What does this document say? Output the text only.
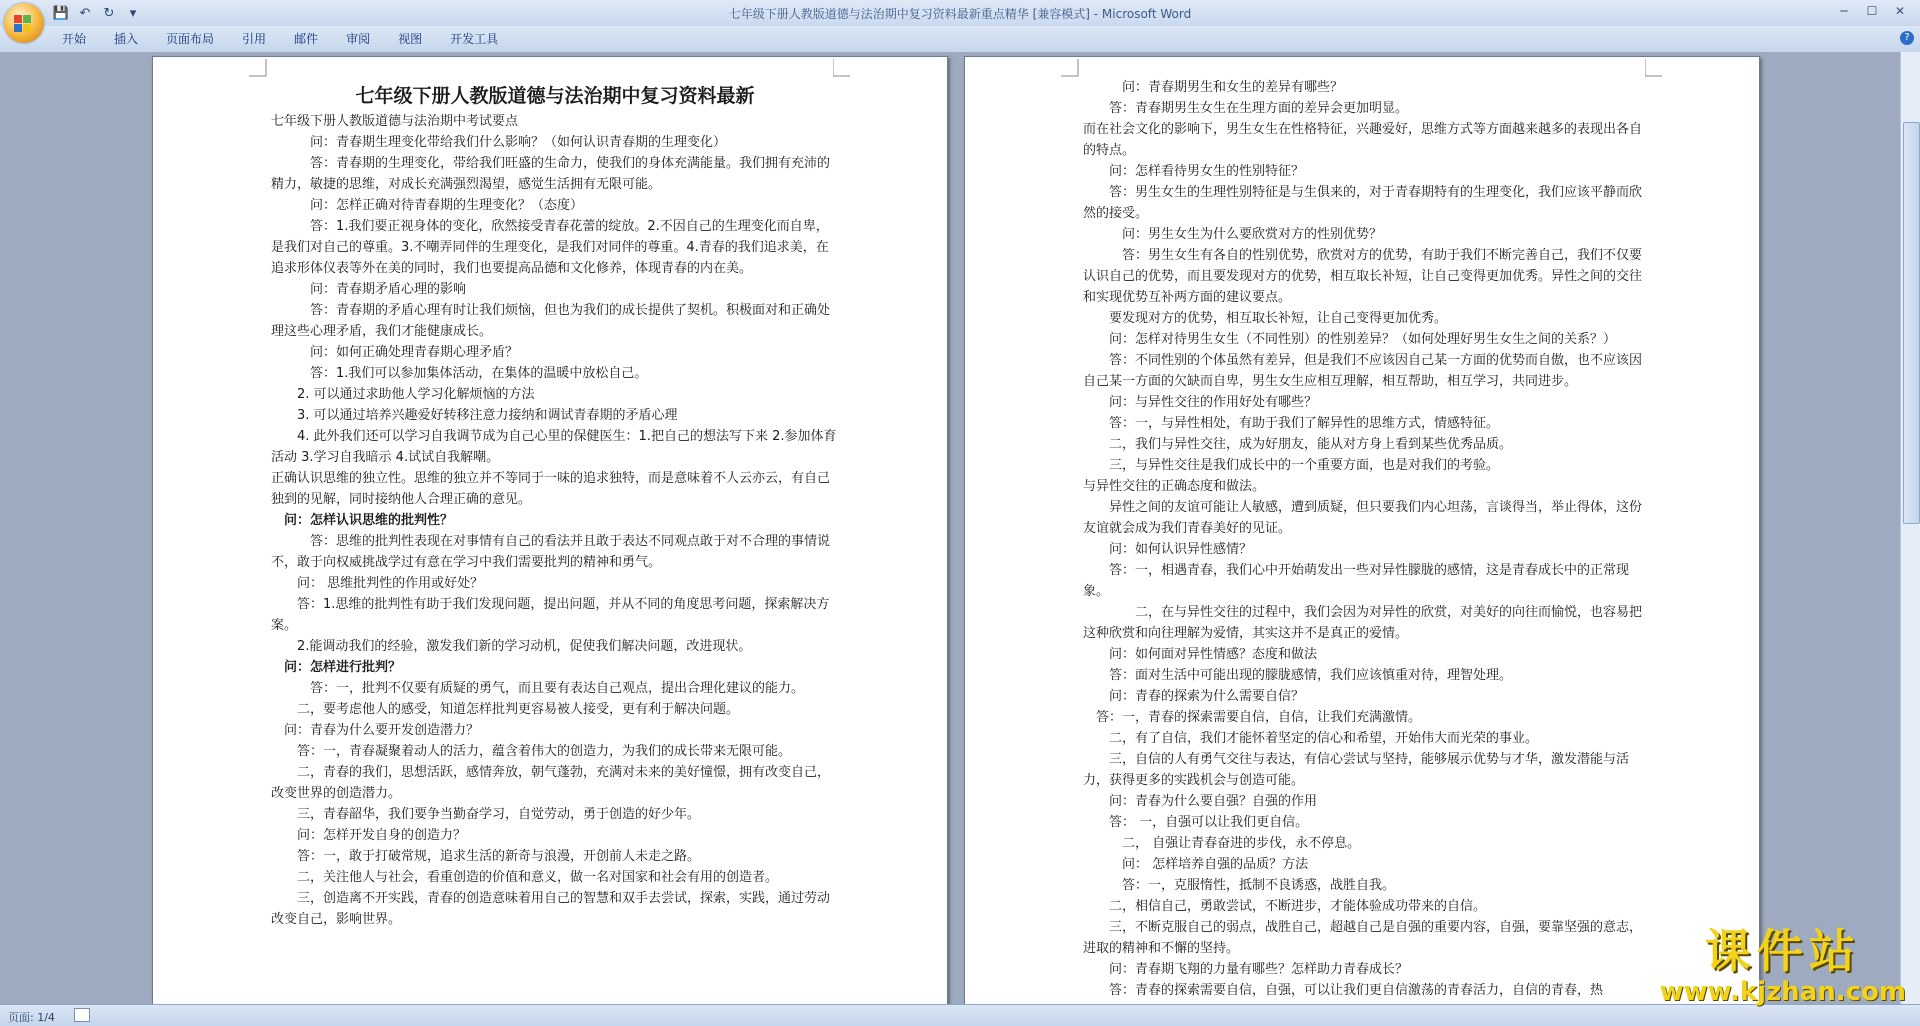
💾 ↶ ↻	▾	七年级下册人教版道德与法治期中复习资料最新重点精华 [兼容模式] - Microsoft Word	─	☐	✕
开始	插入	页面布局	引用	邮件	审阅	视图	开发工具	?

七年级下册人教版道德与法治期中复习资料最新

七年级下册人教版道德与法治期中考试要点

问：青春期生理变化带给我们什么影响？（如何认识青春期的生理变化）

答：青春期的生理变化，带给我们旺盛的生命力，使我们的身体充满能量。我们拥有充沛的精力，敏捷的思维，对成长充满强烈渴望，感觉生活拥有无限可能。

问：怎样正确对待青春期的生理变化？（态度）

答：1.我们要正视身体的变化，欣然接受青春花蕾的绽放。2.不因自己的生理变化而自卑，是我们对自己的尊重。3.不嘲弄同伴的生理变化，是我们对同伴的尊重。4.青春的我们追求美，在追求形体仪表等外在美的同时，我们也要提高品德和文化修养，体现青春的内在美。

问：青春期矛盾心理的影响

答：青春期的矛盾心理有时让我们烦恼，但也为我们的成长提供了契机。积极面对和正确处理这些心理矛盾，我们才能健康成长。

问：如何正确处理青春期心理矛盾？

答：1.我们可以参加集体活动，在集体的温暖中放松自己。

2. 可以通过求助他人学习化解烦恼的方法

3. 可以通过培养兴趣爱好转移注意力接纳和调试青春期的矛盾心理

4. 此外我们还可以学习自我调节成为自己心里的保健医生：1.把自己的想法写下来 2.参加体育活动 3.学习自我暗示 4.试试自我解嘲。

正确认识思维的独立性。思维的独立并不等同于一味的追求独特，而是意味着不人云亦云，有自己独到的见解，同时接纳他人合理正确的意见。

问：怎样认识思维的批判性？

答：思维的批判性表现在对事情有自己的看法并且敢于表达不同观点敢于对不合理的事情说不，敢于向权威挑战学过有意在学习中我们需要批判的精神和勇气。

问： 思维批判性的作用或好处？

答：1.思维的批判性有助于我们发现问题，提出问题，并从不同的角度思考问题，探索解决方案。

2.能调动我们的经验，激发我们新的学习动机，促使我们解决问题，改进现状。

问：怎样进行批判？

答：一，批判不仅要有质疑的勇气，而且要有表达自己观点，提出合理化建议的能力。

二，要考虑他人的感受，知道怎样批判更容易被人接受，更有利于解决问题。

问：青春为什么要开发创造潜力？

答：一，青春凝聚着动人的活力，蕴含着伟大的创造力，为我们的成长带来无限可能。

二，青春的我们，思想活跃，感情奔放，朝气蓬勃，充满对未来的美好憧憬，拥有改变自己，改变世界的创造潜力。

三，青春韶华，我们要争当勤奋学习，自觉劳动，勇于创造的好少年。

问：怎样开发自身的创造力？

答：一，敢于打破常规，追求生活的新奇与浪漫，开创前人未走之路。

二，关注他人与社会，看重创造的价值和意义，做一名对国家和社会有用的创造者。

三，创造离不开实践，青春的创造意味着用自己的智慧和双手去尝试，探索，实践，通过劳动改变自己，影响世界。

问：青春期男生和女生的差异有哪些？

答：青春期男生女生在生理方面的差异会更加明显。

而在社会文化的影响下，男生女生在性格特征，兴趣爱好，思维方式等方面越来越多的表现出各自的特点。

问：怎样看待男女生的性别特征？

答：男生女生的生理性别特征是与生俱来的，对于青春期特有的生理变化，我们应该平静而欣然的接受。

问：男生女生为什么要欣赏对方的性别优势？

答：男生女生有各自的性别优势，欣赏对方的优势，有助于我们不断完善自己，我们不仅要认识自己的优势，而且要发现对方的优势，相互取长补短，让自己变得更加优秀。异性之间的交往和实现优势互补两方面的建议要点。

要发现对方的优势，相互取长补短，让自己变得更加优秀。

问：怎样对待男生女生（不同性别）的性别差异？（如何处理好男生女生之间的关系？）

答：不同性别的个体虽然有差异，但是我们不应该因自己某一方面的优势而自傲，也不应该因自己某一方面的欠缺而自卑，男生女生应相互理解，相互帮助，相互学习，共同进步。

问：与异性交往的作用好处有哪些？

答：一，与异性相处，有助于我们了解异性的思维方式，情感特征。

二，我们与异性交往，成为好朋友，能从对方身上看到某些优秀品质。

三，与异性交往是我们成长中的一个重要方面，也是对我们的考验。

与异性交往的正确态度和做法。

异性之间的友谊可能让人敏感，遭到质疑，但只要我们内心坦荡，言谈得当，举止得体，这份友谊就会成为我们青春美好的见证。

问：如何认识异性感情？

答：一，相遇青春，我们心中开始萌发出一些对异性朦胧的感情，这是青春成长中的正常现象。

二，在与异性交往的过程中，我们会因为对异性的欣赏，对美好的向往而愉悦，也容易把这种欣赏和向往理解为爱情，其实这并不是真正的爱情。

问：如何面对异性情感？态度和做法

答：面对生活中可能出现的朦胧感情，我们应该慎重对待，理智处理。

问：青春的探索为什么需要自信？

答：一，青春的探索需要自信，自信，让我们充满激情。

二，有了自信，我们才能怀着坚定的信心和希望，开始伟大而光荣的事业。

三，自信的人有勇气交往与表达，有信心尝试与坚持，能够展示优势与才华，激发潜能与活力，获得更多的实践机会与创造可能。

问：青春为什么要自强？自强的作用

答： 一，自强可以让我们更自信。

二， 自强让青春奋进的步伐，永不停息。

问： 怎样培养自强的品质？方法

答：一，克服惰性，抵制不良诱惑，战胜自我。

二，相信自己，勇敢尝试，不断进步，才能体验成功带来的自信。

三，不断克服自己的弱点，战胜自己，超越自己是自强的重要内容，自强，要靠坚强的意志，进取的精神和不懈的坚持。

问：青春期飞翔的力量有哪些？怎样助力青春成长？

答：青春的探索需要自信，自强，可以让我们更自信激荡的青春活力，自信的青春，热

页面: 1/4
课件站
www.kjzhan.com
